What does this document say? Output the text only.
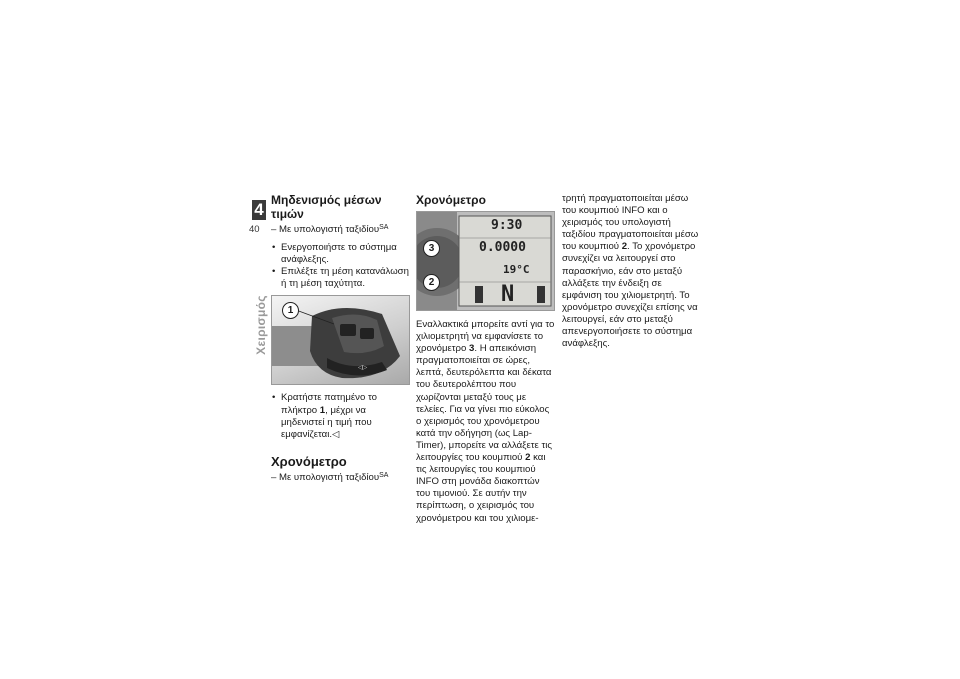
4
40
Χειρισμός
Μηδενισμός μέσων τιμών

– Με υπολογιστή ταξιδίου$^{SA}$

• Ενεργοποιήστε το σύστημα ανάφλεξης.
• Επιλέξτε τη μέση κατανάλωση ή τη μέση ταχύτητα.
◁▷
1
• Κρατήστε πατημένο το πλήκτρο 1, μέχρι να μηδενιστεί η τιμή που εμφανίζεται.◁
Χρονόμετρο

– Με υπολογιστή ταξιδίου$^{SA}$

Χρονόμετρο
9:30
0.0000
19°C
N
3
2

Εναλλακτικά μπορείτε αντί για το χιλιομετρητή να εμφανίσετε το χρονόμετρο 3. Η απεικόνιση πραγματοποιείται σε ώρες, λεπτά, δευτερόλεπτα και δέκατα του δευτερολέπτου που χωρίζονται μεταξύ τους με τελείες. Για να γίνει πιο εύκολος ο χειρισμός του χρονόμετρου κατά την οδήγηση (ως Lap-Timer), μπορείτε να αλλάξετε τις λειτουργίες του κουμπιού 2 και τις λειτουργίες του κουμπιού INFO στη μονάδα διακοπτών του τιμονιού. Σε αυτήν την περίπτωση, ο χειρισμός του χρονόμετρου και του χιλιομε-

τρητή πραγματοποιείται μέσω του κουμπιού INFO και ο χειρισμός του υπολογιστή ταξιδίου πραγματοποιείται μέσω του κουμπιού 2. Το χρονόμετρο συνεχίζει να λειτουργεί στο παρασκήνιο, εάν στο μεταξύ αλλάξετε την ένδειξη σε εμφάνιση του χιλιομετρητή. Το χρονόμετρο συνεχίζει επίσης να λειτουργεί, εάν στο μεταξύ απενεργοποιήσετε το σύστημα ανάφλεξης.
